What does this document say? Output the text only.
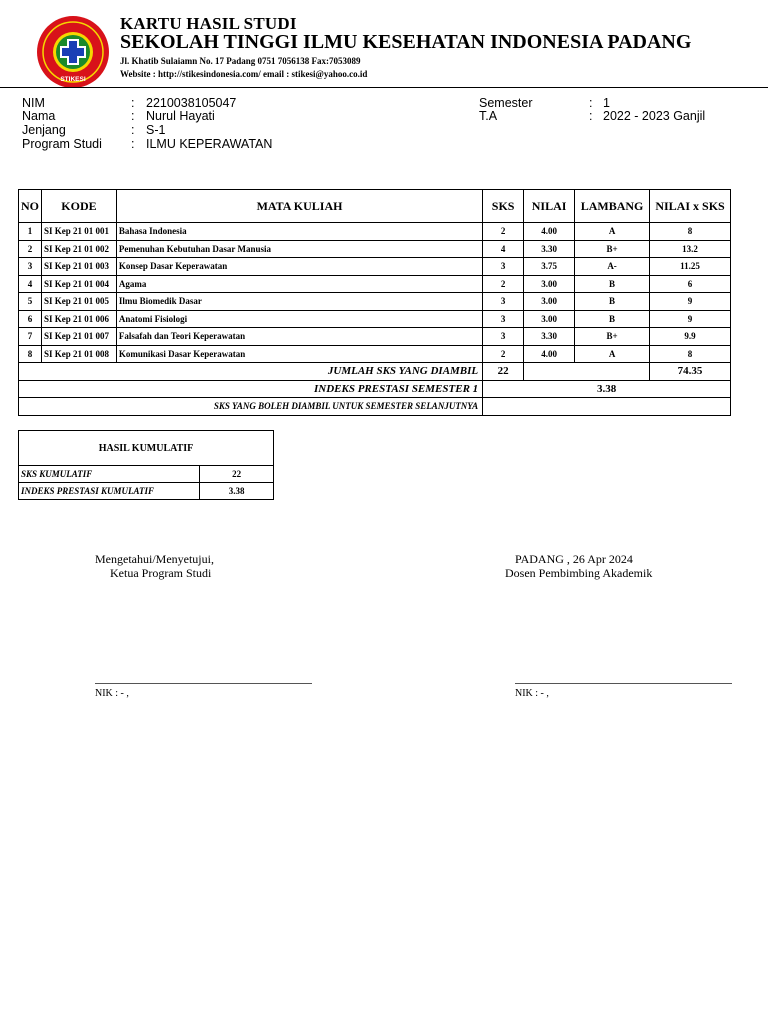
STIKESI
KARTU HASIL STUDI
SEKOLAH TINGGI ILMU KESEHATAN INDONESIA PADANG
Jl. Khatib Sulaiamn No. 17 Padang 0751 7056138 Fax:7053089
Website : http://stikesindonesia.com/ email : stikesi@yahoo.co.id
NIM	: 2210038105047
Nama	: Nurul Hayati
Jenjang	: S-1
Program Studi : ILMU KEPERAWATAN
Semester	: 1
T.A	: 2022 - 2023 Ganjil
NO	KODE	MATA KULIAH	SKS	NILAI	LAMBANG	NILAI x SKS
1	SI Kep 21 01 001	Bahasa Indonesia	2	4.00	A	8
2	SI Kep 21 01 002	Pemenuhan Kebutuhan Dasar Manusia	4	3.30	B+	13.2
3	SI Kep 21 01 003	Konsep Dasar Keperawatan	3	3.75	A-	11.25
4	SI Kep 21 01 004	Agama	2	3.00	B	6
5	SI Kep 21 01 005	Ilmu Biomedik Dasar	3	3.00	B	9
6	SI Kep 21 01 006	Anatomi Fisiologi	3	3.00	B	9
7	SI Kep 21 01 007	Falsafah dan Teori Keperawatan	3	3.30	B+	9.9
8	SI Kep 21 01 008	Komunikasi Dasar Keperawatan	2	4.00	A	8
JUMLAH SKS YANG DIAMBIL			22			74.35
INDEKS PRESTASI SEMESTER 1			3.38			
SKS YANG BOLEH DIAMBIL UNTUK SEMESTER SELANJUTNYA						
HASIL KUMULATIF	
SKS KUMULATIF	22
INDEKS PRESTASI KUMULATIF	3.38
Mengetahui/Menyetujui,
Ketua Program Studi
PADANG , 26 Apr 2024
Dosen Pembimbing Akademik
NIK : - ,	NIK : - ,
